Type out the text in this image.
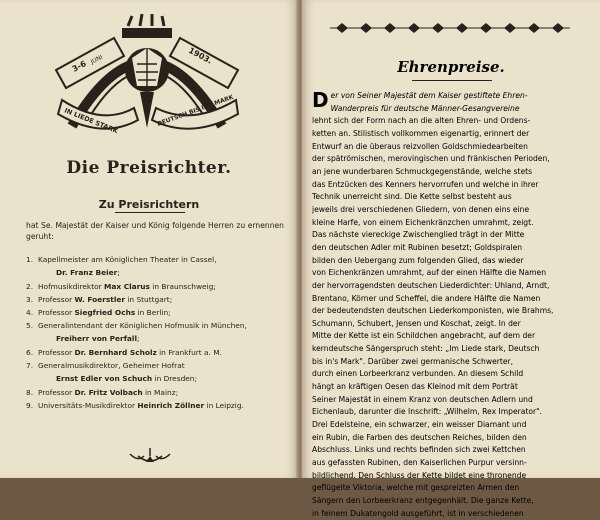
3-6 JUNI	1903.
IN LIEDE STARK	DEUTSCH BIS INS MARK
Die Preisrichter.
Zu Preisrichtern
hat Se. Majestät der Kaiser und König folgende Herren zu ernennen geruht:
1. Kapellmeister am Königlichen Theater in Cassel,
Dr. Franz Beier;
2. Hofmusikdirektor Max Clarus in Braunschweig;
3. Professor W. Foerstler in Stuttgart;
4. Professor Siegfried Ochs in Berlin;
5. Generalintendant der Königlichen Hofmusik in München,
Freiherr von Perfall;
6. Professor Dr. Bernhard Scholz in Frankfurt a. M.
7. Generalmusikdirektor, Geheimer Hofrat
Ernst Edler von Schuch in Dresden;
8. Professor Dr. Fritz Volbach in Mainz;
9. Universitäts-Musikdirektor Heinrich Zöllner in Leipzig.
Ehrenpreise.
D er von Seiner Majestät dem Kaiser gestiftete Ehren-
Wanderpreis für deutsche Männer-Gesangvereine
lehnt sich der Form nach an die alten Ehren- und Ordens-
ketten an. Stilistisch vollkommen eigenartig, erinnert der
Entwurf an die überaus reizvollen Goldschmiedearbeiten
der spätrömischen, merovingischen und fränkischen Perioden,
an jene wunderbaren Schmuckgegenstände, welche stets
das Entzücken des Kenners hervorrufen und welche in ihrer
Technik unerreicht sind. Die Kette selbst besteht aus
jeweils drei verschiedenen Gliedern, von denen eins eine
kleine Harfe, von einem Eichenkränzchen umrahmt, zeigt.
Das nächste viereckige Zwischenglied trägt in der Mitte
den deutschen Adler mit Rubinen besetzt; Goldspiralen
bilden den Uebergang zum folgenden Glied, das wieder
von Eichenkränzen umrahmt, auf der einen Hälfte die Namen
der hervorragendsten deutschen Liederdichter: Uhland, Arndt,
Brentano, Körner und Scheffel, die andere Hälfte die Namen
der bedeutendsten deutschen Liederkomponisten, wie Brahms,
Schumann, Schubert, Jensen und Koschat, zeigt. In der
Mitte der Kette ist ein Schildchen angebracht, auf dem der
kerndeutsche Sängerspruch steht: „Im Liede stark, Deutsch
bis in's Mark". Darüber zwei germanische Schwerter,
durch einen Lorbeerkranz verbunden. An diesem Schild
hängt an kräftigen Oesen das Kleinod mit dem Porträt
Seiner Majestät in einem Kranz von deutschen Adlern und
Eichenlaub, darunter die Inschrift: „Wilhelm, Rex Imperator".
Drei Edelsteine, ein schwarzer, ein weisser Diamant und
ein Rubin, die Farben des deutschen Reiches, bilden den
Abschluss. Links und rechts befinden sich zwei Kettchen
aus gefassten Rubinen, den Kaiserlichen Purpur versinn-
bildlichend. Den Schluss der Kette bildet eine thronende
geflügelte Viktoria, welche mit gespreizten Armen den
Sängern den Lorbeerkranz entgegenhält. Die ganze Kette,
in feinem Dukatengold ausgeführt, ist in verschiedenen
